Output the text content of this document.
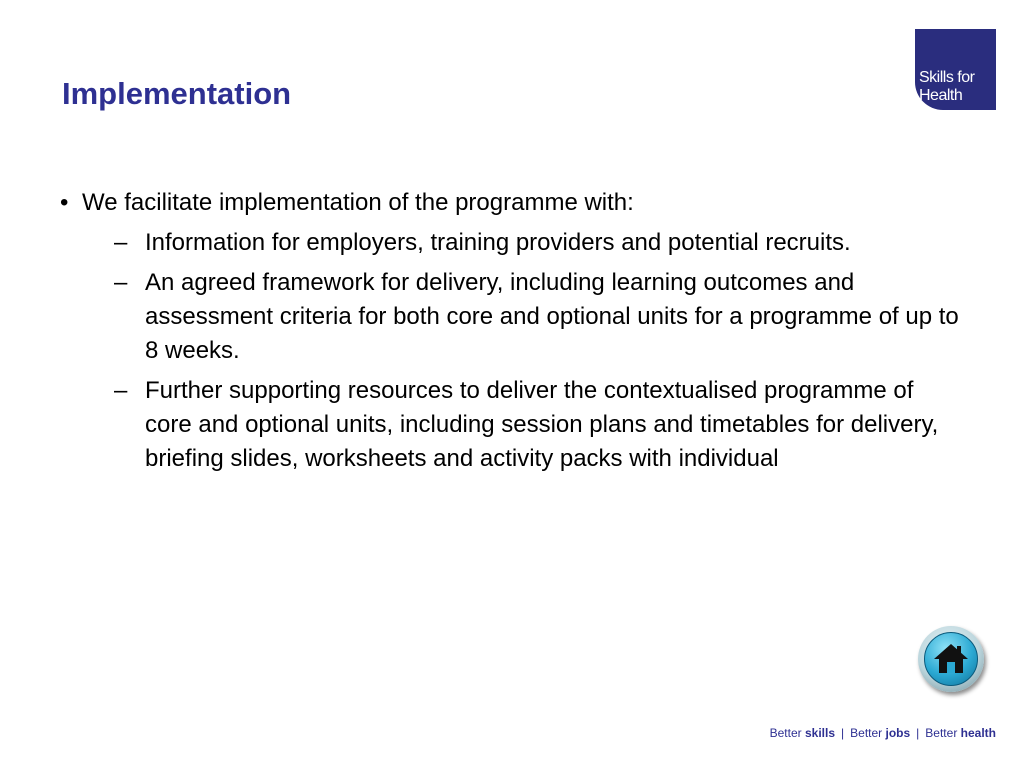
Implementation	Skills for
Health
• We facilitate implementation of the programme with:
– Information for employers, training providers and potential recruits.
– An agreed framework for delivery, including learning outcomes and assessment criteria for both core and optional units for a programme of up to 8 weeks.
– Further supporting resources to deliver the contextualised programme of core and optional units, including session plans and timetables for delivery, briefing slides, worksheets and activity packs with individual
Better skills | Better jobs | Better health
